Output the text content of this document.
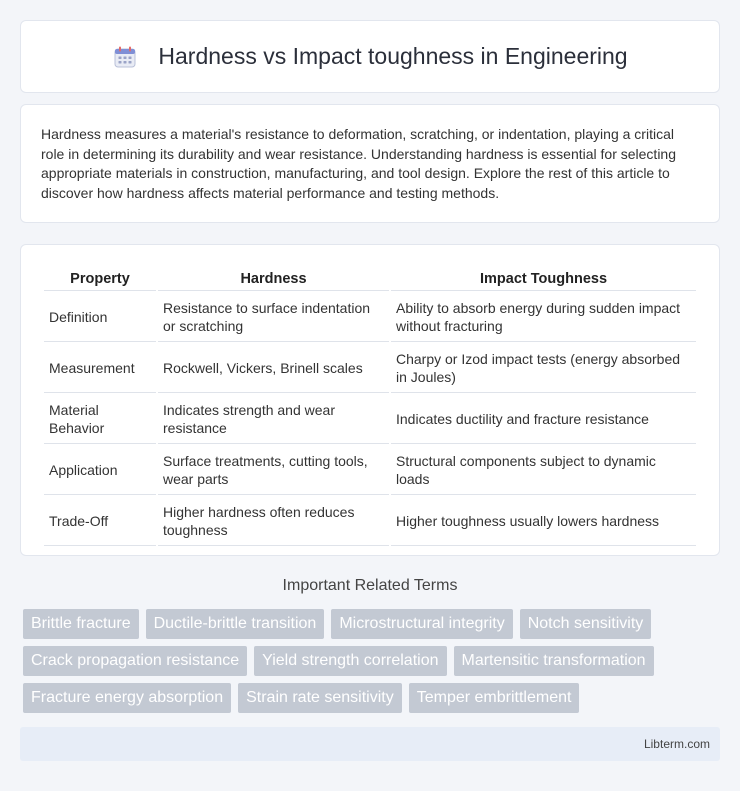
Hardness vs Impact toughness in Engineering

Hardness measures a material's resistance to deformation, scratching, or indentation, playing a critical role in determining its durability and wear resistance. Understanding hardness is essential for selecting appropriate materials in construction, manufacturing, and tool design. Explore the rest of this article to discover how hardness affects material performance and testing methods.

Property	Hardness	Impact Toughness
Definition	Resistance to surface indentation or scratching	Ability to absorb energy during sudden impact without fracturing
Measurement	Rockwell, Vickers, Brinell scales	Charpy or Izod impact tests (energy absorbed in Joules)
Material Behavior	Indicates strength and wear resistance	Indicates ductility and fracture resistance
Application	Surface treatments, cutting tools, wear parts	Structural components subject to dynamic loads
Trade-Off	Higher hardness often reduces toughness	Higher toughness usually lowers hardness
Important Related Terms
Brittle fracture	Ductile-brittle transition	Microstructural integrity	Notch sensitivity
Crack propagation resistance	Yield strength correlation	Martensitic transformation
Fracture energy absorption	Strain rate sensitivity	Temper embrittlement
Libterm.com
